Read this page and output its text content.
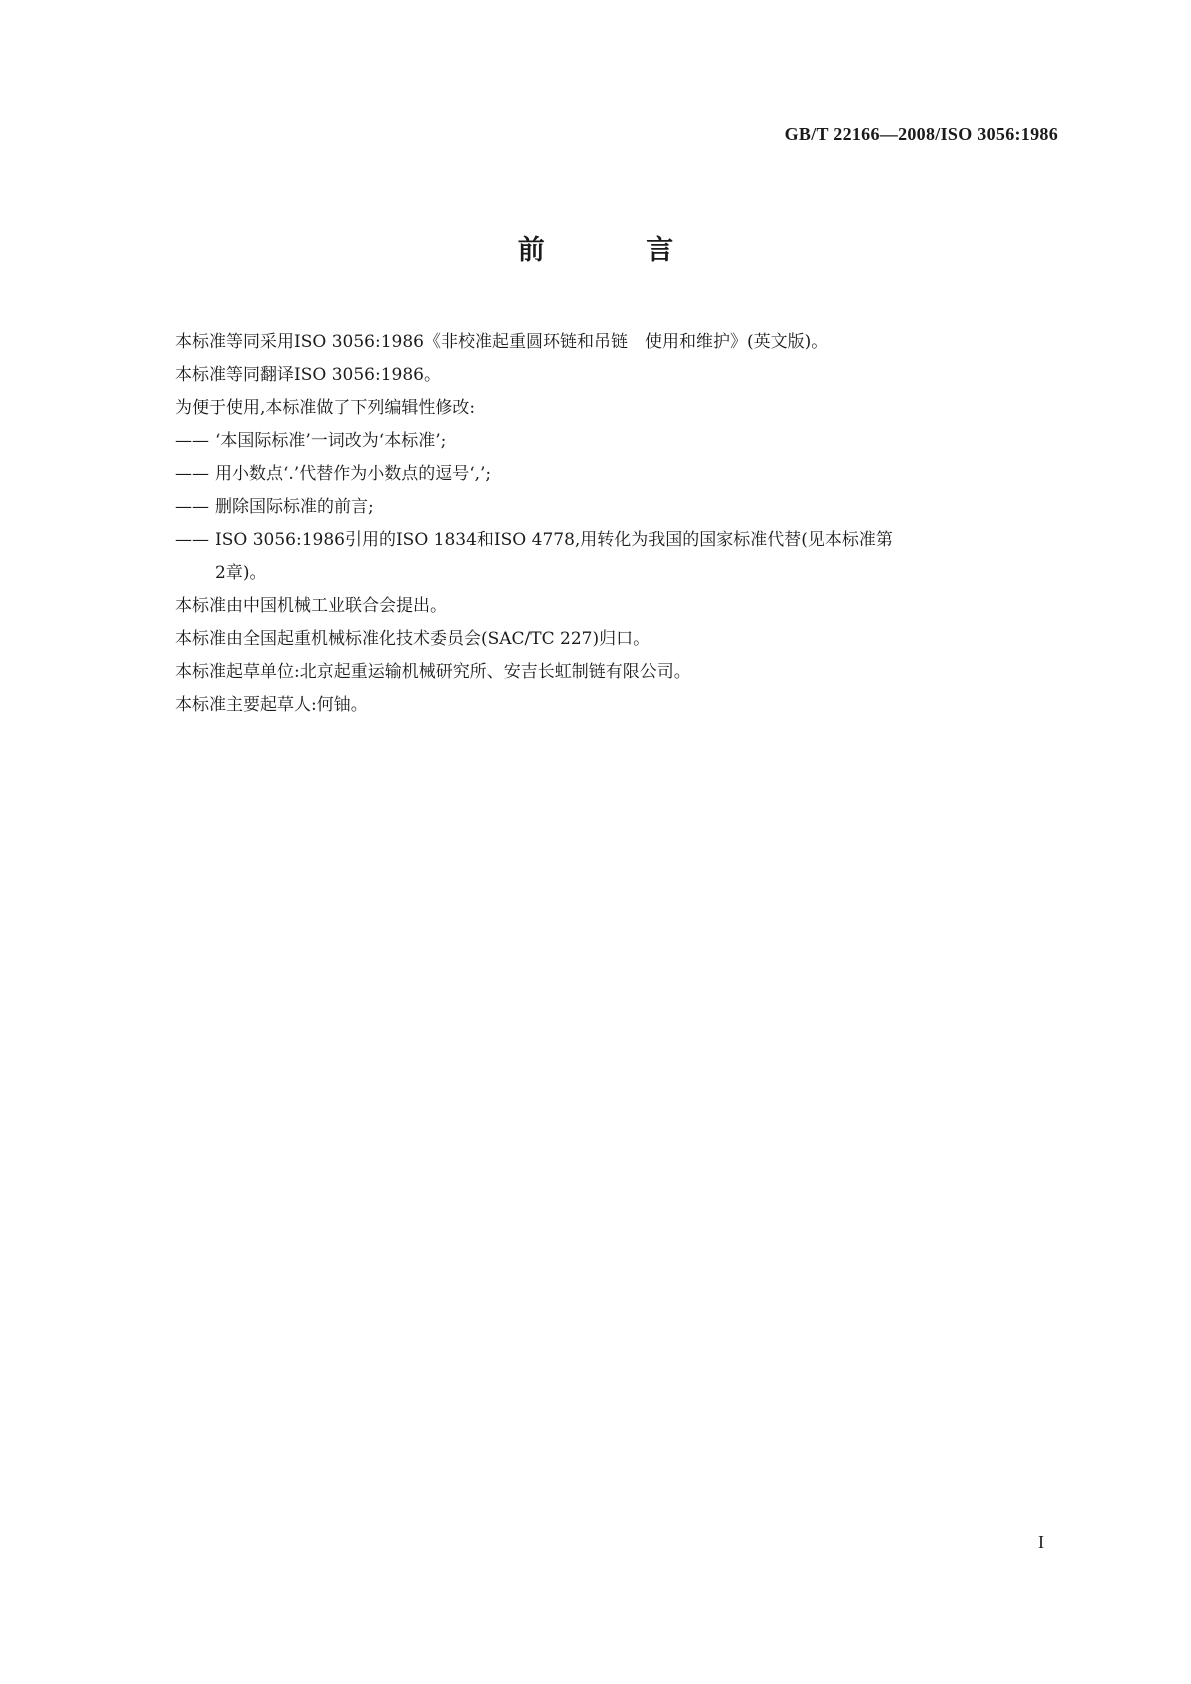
GB/T 22166—2008/ISO 3056:1986
前 言
本标准等同采用ISO 3056:1986《非校准起重圆环链和吊链　使用和维护》(英文版)。
本标准等同翻译ISO 3056:1986。
为便于使用,本标准做了下列编辑性修改:
—— ‘本国际标准’一词改为‘本标准’;
—— 用小数点‘.’代替作为小数点的逗号‘,’;
—— 删除国际标准的前言;
—— ISO 3056:1986引用的ISO 1834和ISO 4778,用转化为我国的国家标准代替(见本标准第
2章)。
本标准由中国机械工业联合会提出。
本标准由全国起重机械标准化技术委员会(SAC/TC 227)归口。
本标准起草单位:北京起重运输机械研究所、安吉长虹制链有限公司。
本标准主要起草人:何铀。
I
